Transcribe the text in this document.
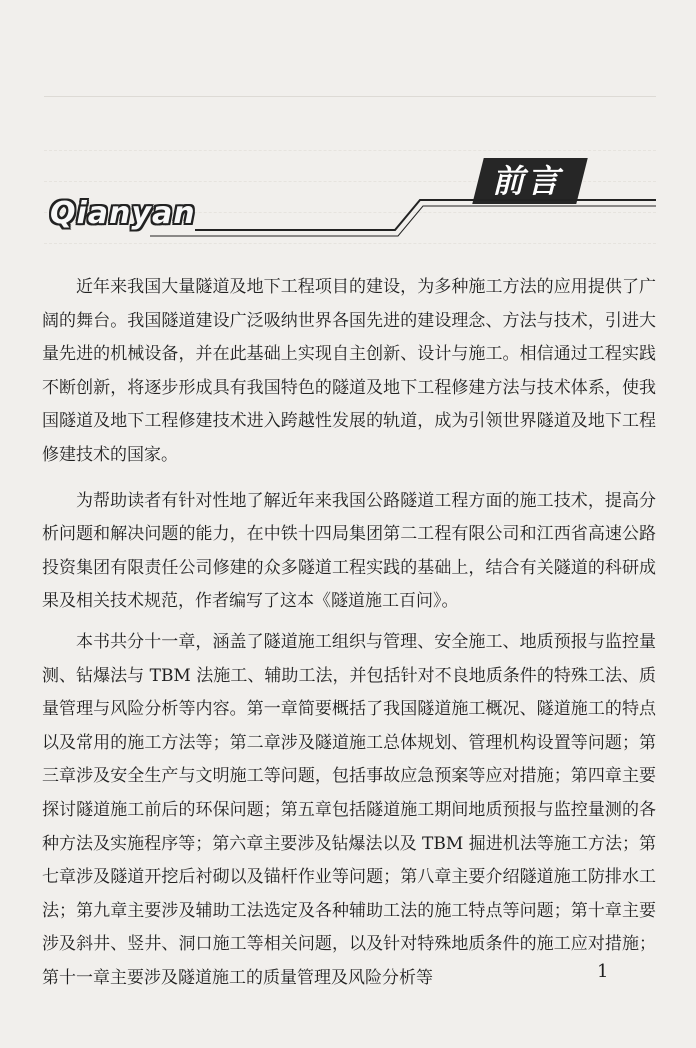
前言
Qianyan

近年来我国大量隧道及地下工程项目的建设，为多种施工方法的应用提供了广阔的舞台。我国隧道建设广泛吸纳世界各国先进的建设理念、方法与技术，引进大量先进的机械设备，并在此基础上实现自主创新、设计与施工。相信通过工程实践不断创新，将逐步形成具有我国特色的隧道及地下工程修建方法与技术体系，使我国隧道及地下工程修建技术进入跨越性发展的轨道，成为引领世界隧道及地下工程修建技术的国家。

为帮助读者有针对性地了解近年来我国公路隧道工程方面的施工技术，提高分析问题和解决问题的能力，在中铁十四局集团第二工程有限公司和江西省高速公路投资集团有限责任公司修建的众多隧道工程实践的基础上，结合有关隧道的科研成果及相关技术规范，作者编写了这本《隧道施工百问》。

本书共分十一章，涵盖了隧道施工组织与管理、安全施工、地质预报与监控量测、钻爆法与 TBM 法施工、辅助工法，并包括针对不良地质条件的特殊工法、质量管理与风险分析等内容。第一章简要概括了我国隧道施工概况、隧道施工的特点以及常用的施工方法等；第二章涉及隧道施工总体规划、管理机构设置等问题；第三章涉及安全生产与文明施工等问题，包括事故应急预案等应对措施；第四章主要探讨隧道施工前后的环保问题；第五章包括隧道施工期间地质预报与监控量测的各种方法及实施程序等；第六章主要涉及钻爆法以及 TBM 掘进机法等施工方法；第七章涉及隧道开挖后衬砌以及锚杆作业等问题；第八章主要介绍隧道施工防排水工法；第九章主要涉及辅助工法选定及各种辅助工法的施工特点等问题；第十章主要涉及斜井、竖井、洞口施工等相关问题，以及针对特殊地质条件的施工应对措施；第十一章主要涉及隧道施工的质量管理及风险分析等	1
